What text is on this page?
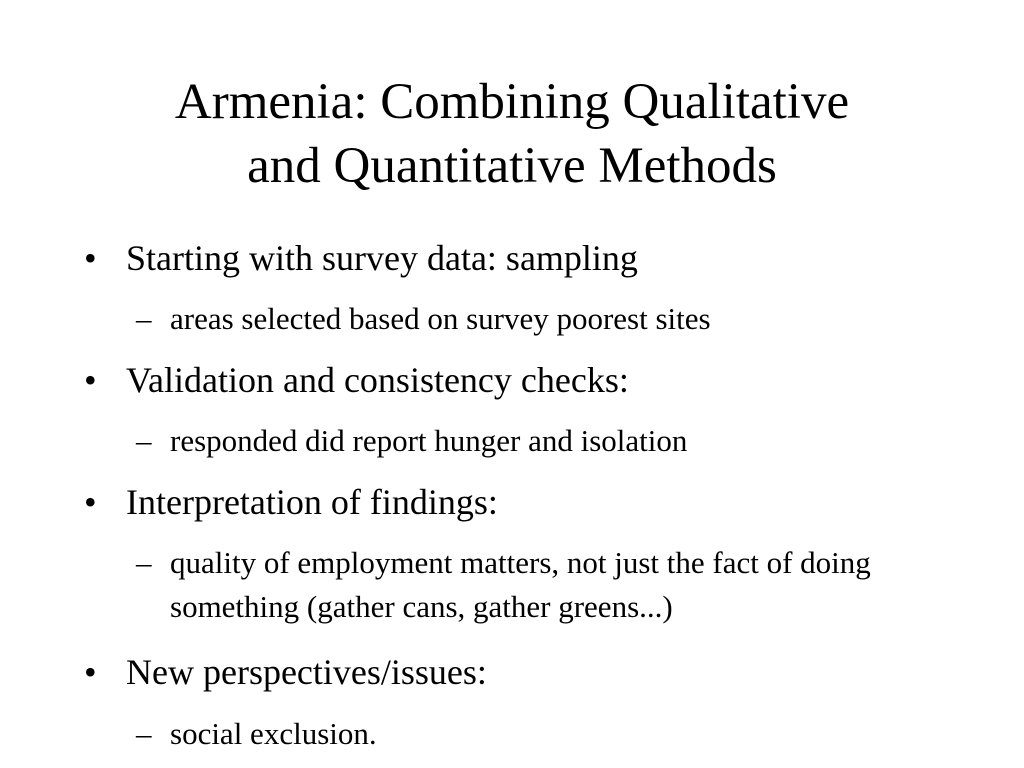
Armenia: Combining Qualitative
and Quantitative Methods
• Starting with survey data: sampling
– areas selected based on survey poorest sites
• Validation and consistency checks:
– responded did report hunger and isolation
• Interpretation of findings:
– quality of employment matters, not just the fact of doing something (gather cans, gather greens...)
• New perspectives/issues:
– social exclusion.
